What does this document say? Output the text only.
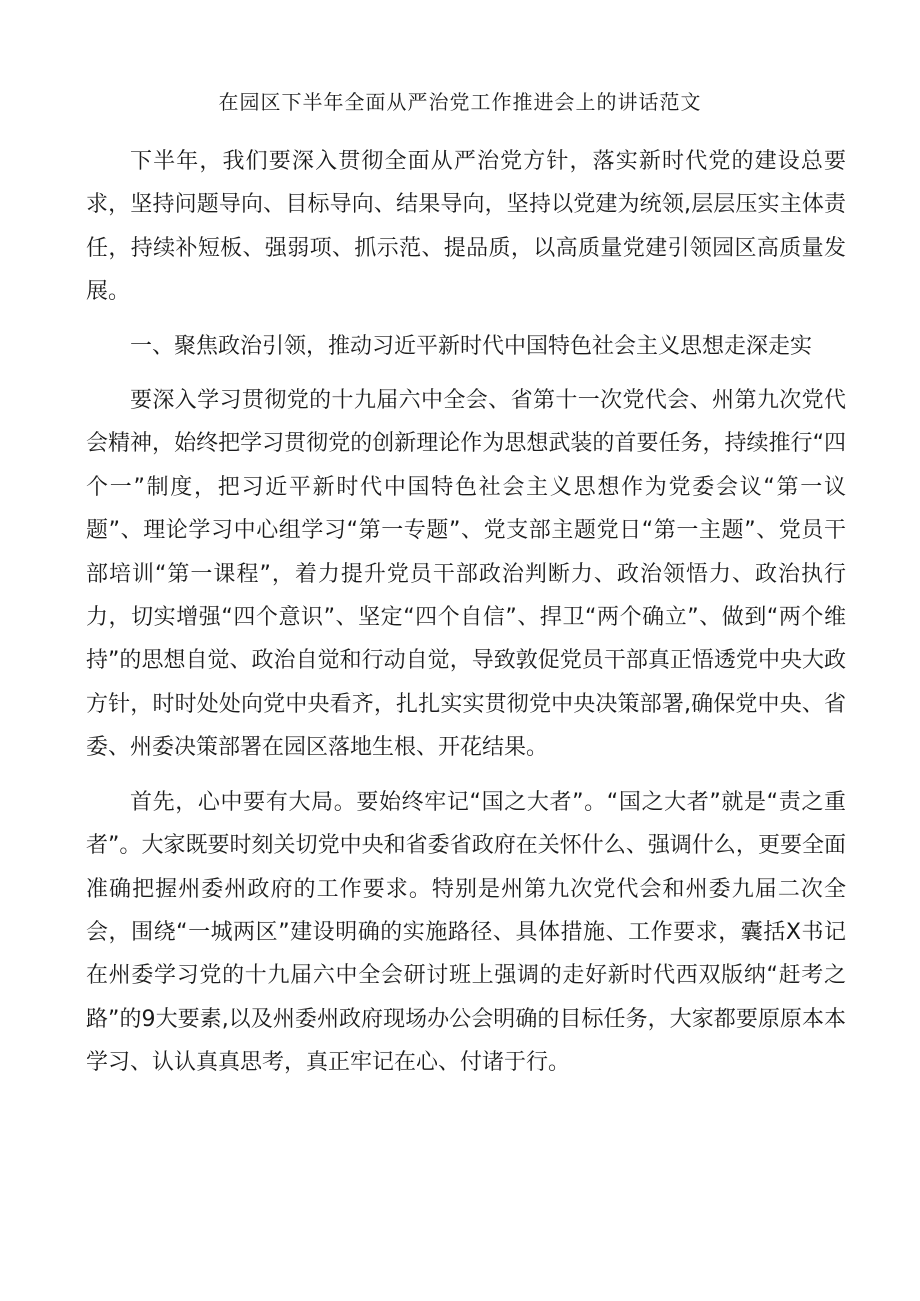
在园区下半年全面从严治党工作推进会上的讲话范文

下半年，我们要深入贯彻全面从严治党方针，落实新时代党的建设总要求，坚持问题导向、目标导向、结果导向，坚持以党建为统领,层层压实主体责任，持续补短板、强弱项、抓示范、提品质，以高质量党建引领园区高质量发展。

一、聚焦政治引领，推动习近平新时代中国特色社会主义思想走深走实

要深入学习贯彻党的十九届六中全会、省第十一次党代会、州第九次党代会精神，始终把学习贯彻党的创新理论作为思想武装的首要任务，持续推行“四个一”制度，把习近平新时代中国特色社会主义思想作为党委会议“第一议题”、理论学习中心组学习“第一专题”、党支部主题党日“第一主题”、党员干部培训“第一课程”，着力提升党员干部政治判断力、政治领悟力、政治执行力，切实增强“四个意识”、坚定“四个自信”、捍卫“两个确立”、做到“两个维持”的思想自觉、政治自觉和行动自觉，导致敦促党员干部真正悟透党中央大政方针，时时处处向党中央看齐，扎扎实实贯彻党中央决策部署,确保党中央、省委、州委决策部署在园区落地生根、开花结果。

首先，心中要有大局。要始终牢记“国之大者”。“国之大者”就是“责之重者”。大家既要时刻关切党中央和省委省政府在关怀什么、强调什么，更要全面准确把握州委州政府的工作要求。特别是州第九次党代会和州委九届二次全会，围绕“一城两区”建设明确的实施路径、具体措施、工作要求，囊括X书记在州委学习党的十九届六中全会研讨班上强调的走好新时代西双版纳“赶考之路”的9大要素,以及州委州政府现场办公会明确的目标任务，大家都要原原本本学习、认认真真思考，真正牢记在心、付诸于行。
